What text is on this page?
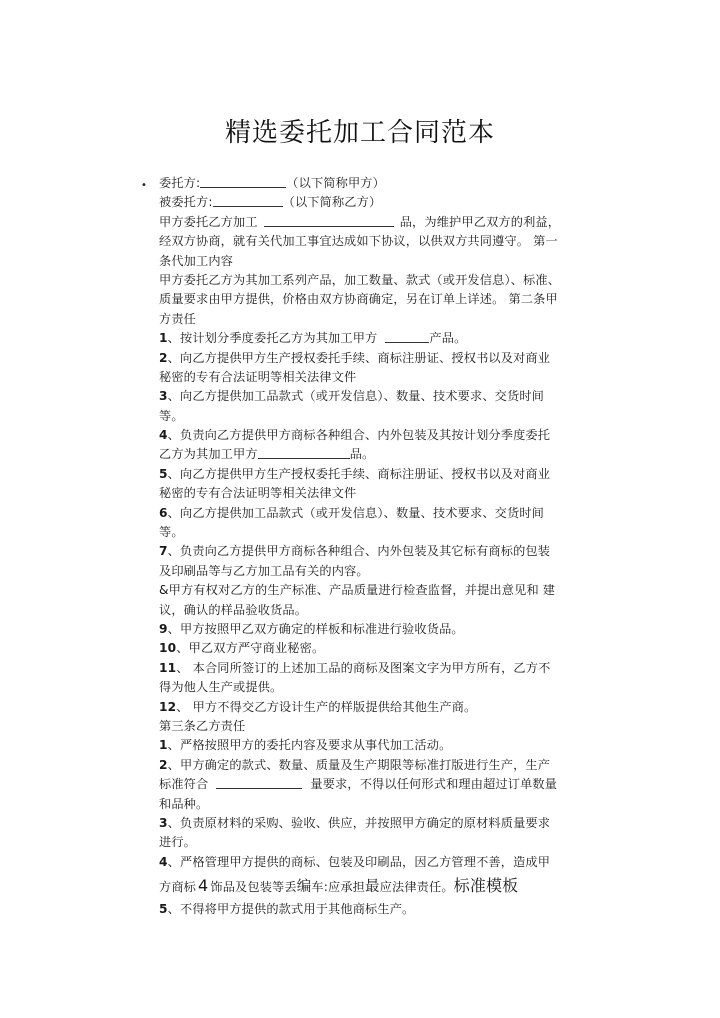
精选委托加工合同范本
• 委托方:	（以下简称甲方）
被委托方:	（以下简称乙方）
甲方委托乙方加工	品，为维护甲乙双方的利益，
经双方协商，就有关代加工事宜达成如下协议，以供双方共同遵守。 第一
条代加工内容
甲方委托乙方为其加工系列产品，加工数量、款式（或开发信息）、标准、
质量要求由甲方提供，价格由双方协商确定，另在订单上详述。 第二条甲
方责任
1、按计划分季度委托乙方为其加工甲方	产品。
2、向乙方提供甲方生产授权委托手续、商标注册证、授权书以及对商业
秘密的专有合法证明等相关法律文件
3、向乙方提供加工品款式（或开发信息）、数量、技术要求、交货时间
等。
4、负责向乙方提供甲方商标各种组合、内外包装及其按计划分季度委托
乙方为其加工甲方	品。
5、向乙方提供甲方生产授权委托手续、商标注册证、授权书以及对商业
秘密的专有合法证明等相关法律文件
6、向乙方提供加工品款式（或开发信息）、数量、技术要求、交货时间
等。
7、负责向乙方提供甲方商标各种组合、内外包装及其它标有商标的包装
及印刷品等与乙方加工品有关的内容。
&甲方有权对乙方的生产标准、产品质量进行检查监督，并提出意见和 建
议，确认的样品验收货品。
9、甲方按照甲乙双方确定的样板和标准进行验收货品。
10、甲乙双方严守商业秘密。
11、 本合同所签订的上述加工品的商标及图案文字为甲方所有，乙方不
得为他人生产或提供。
12、 甲方不得交乙方设计生产的样版提供给其他生产商。
第三条乙方责任
1、严格按照甲方的委托内容及要求从事代加工活动。
2、甲方确定的款式、数量、质量及生产期限等标准打版进行生产，生产
标准符合	量要求，不得以任何形式和理由超过订单数量
和品种。
3、负责原材料的采购、验收、供应，并按照甲方确定的原材料质量要求
进行。
4、严格管理甲方提供的商标、包装及印刷品，因乙方管理不善，造成甲
方商标 4 饰品及包装等丢编车:应承担最应法律责任。标准模板
5、不得将甲方提供的款式用于其他商标生产。
